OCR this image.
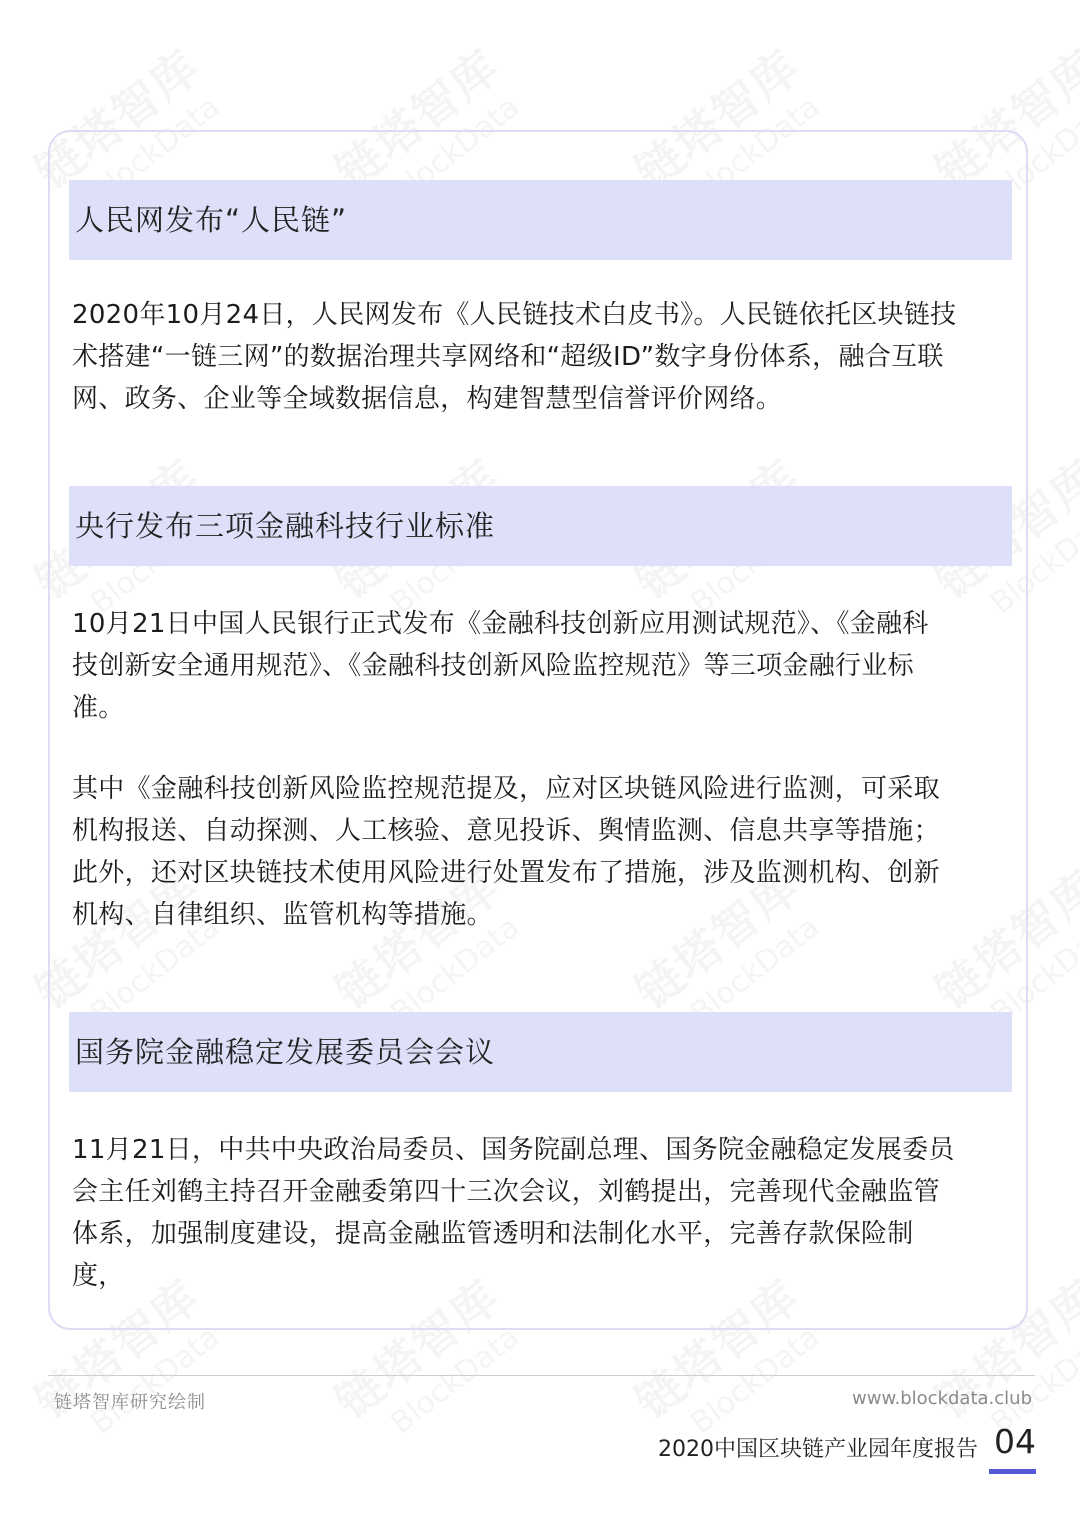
人民网发布“人民链”

2020年10月24日，人民网发布《人民链技术白皮书》。人民链依托区块链技

术搭建“一链三网”的数据治理共享网络和“超级ID”数字身份体系，融合互联

网、政务、企业等全域数据信息，构建智慧型信誉评价网络。

央行发布三项金融科技行业标准

10月21日中国人民银行正式发布《金融科技创新应用测试规范》、《金融科

技创新安全通用规范》、《金融科技创新风险监控规范》等三项金融行业标

准。

其中《金融科技创新风险监控规范提及，应对区块链风险进行监测，可采取

机构报送、自动探测、人工核验、意见投诉、舆情监测、信息共享等措施；

此外，还对区块链技术使用风险进行处置发布了措施，涉及监测机构、创新

机构、自律组织、监管机构等措施。

国务院金融稳定发展委员会会议

11月21日，中共中央政治局委员、国务院副总理、国务院金融稳定发展委员

会主任刘鹤主持召开金融委第四十三次会议，刘鹤提出，完善现代金融监管

体系，加强制度建设，提高金融监管透明和法制化水平，完善存款保险制

度，

链塔智库研究绘制	www.blockdata.club
2020中国区块链产业园年度报告 04
